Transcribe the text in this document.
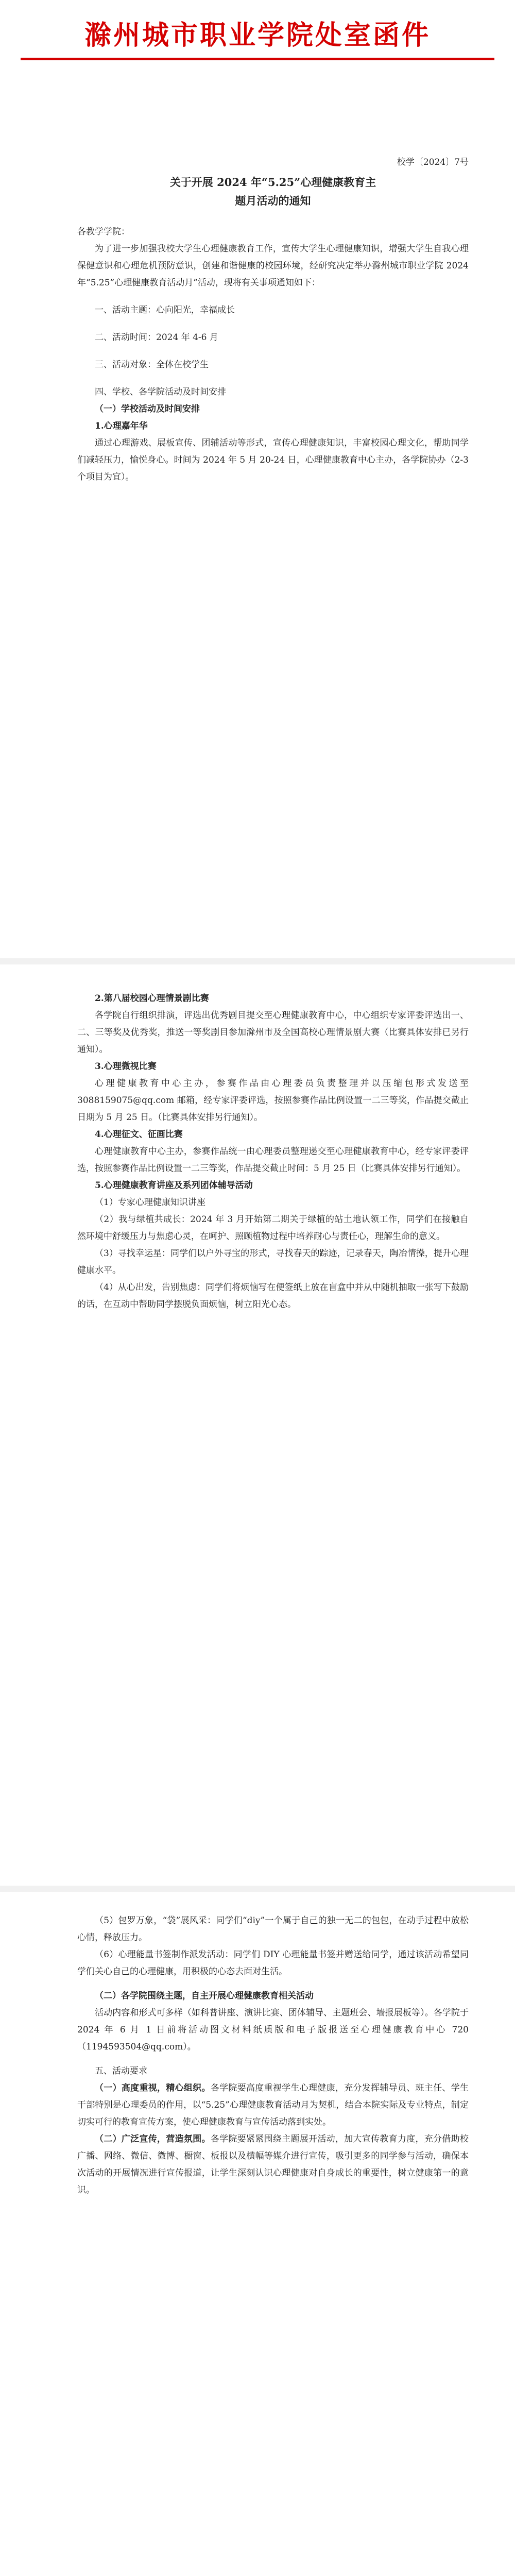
滁州城市职业学院处室函件
校学〔2024〕7号

关于开展 2024 年“5.25”心理健康教育主

题月活动的通知

各教学学院：

为了进一步加强我校大学生心理健康教育工作，宣传大学生心理健康知识，增强大学生自我心理保健意识和心理危机预防意识，创建和谐健康的校园环境，经研究决定举办滁州城市职业学院 2024 年“5.25”心理健康教育活动月”活动，现将有关事项通知如下：

一、活动主题：心向阳光，幸福成长

二、活动时间：2024 年 4-6 月

三、活动对象：全体在校学生

四、学校、各学院活动及时间安排

（一）学校活动及时间安排

1.心理嘉年华

通过心理游戏、展板宣传、团辅活动等形式，宣传心理健康知识，丰富校园心理文化，帮助同学们减轻压力，愉悦身心。时间为 2024 年 5 月 20-24 日，心理健康教育中心主办，各学院协办（2-3 个项目为宜）。

2.第八届校园心理情景剧比赛

各学院自行组织排演，评选出优秀剧目提交至心理健康教育中心，中心组织专家评委评选出一、二、三等奖及优秀奖，推送一等奖剧目参加滁州市及全国高校心理情景剧大赛（比赛具体安排已另行通知）。

3.心理微视比赛

心理健康教育中心主办，参赛作品由心理委员负责整理并以压缩包形式发送至 3088159075@qq.com 邮箱，经专家评委评选，按照参赛作品比例设置一二三等奖，作品提交截止日期为 5 月 25 日。（比赛具体安排另行通知）。

4.心理征文、征画比赛

心理健康教育中心主办，参赛作品统一由心理委员整理递交至心理健康教育中心，经专家评委评选，按照参赛作品比例设置一二三等奖，作品提交截止时间：5 月 25 日（比赛具体安排另行通知）。

5.心理健康教育讲座及系列团体辅导活动

（1）专家心理健康知识讲座

（2）我与绿植共成长：2024 年 3 月开始第二期关于绿植的站土地认领工作，同学们在接触自然环境中舒缓压力与焦虑心灵，在呵护、照顾植物过程中培养耐心与责任心，理解生命的意义。

（3）寻找幸运星：同学们以户外寻宝的形式，寻找春天的踪迹，记录春天，陶冶情操，提升心理健康水平。

（4）从心出发，告别焦虑：同学们将烦恼写在便签纸上放在盲盒中并从中随机抽取一张写下鼓励的话，在互动中帮助同学摆脱负面烦恼，树立阳光心态。

（5）包罗万象，“袋”展风采：同学们“diy”一个属于自己的独一无二的包包，在动手过程中放松心情，释放压力。

（6）心理能量书签制作派发活动：同学们 DIY 心理能量书签并赠送给同学，通过该活动希望同学们关心自己的心理健康，用积极的心态去面对生活。

（二）各学院围绕主题，自主开展心理健康教育相关活动

活动内容和形式可多样（如科普讲座、演讲比赛、团体辅导、主题班会、墙报展板等）。各学院于 2024 年 6 月 1 日前将活动图文材料纸质版和电子版报送至心理健康教育中心 720（1194593504@qq.com）。

五、活动要求

（一）高度重视，精心组织。各学院要高度重视学生心理健康，充分发挥辅导员、班主任、学生干部特别是心理委员的作用，以“5.25”心理健康教育活动月为契机，结合本院实际及专业特点，制定切实可行的教育宣传方案，使心理健康教育与宣传活动落到实处。

（二）广泛宣传，营造氛围。各学院要紧紧围绕主题展开活动，加大宣传教育力度，充分借助校广播、网络、微信、微博、橱窗、板报以及横幅等媒介进行宣传，吸引更多的同学参与活动，确保本次活动的开展情况进行宣传报道，让学生深刻认识心理健康对自身成长的重要性，树立健康第一的意识。
